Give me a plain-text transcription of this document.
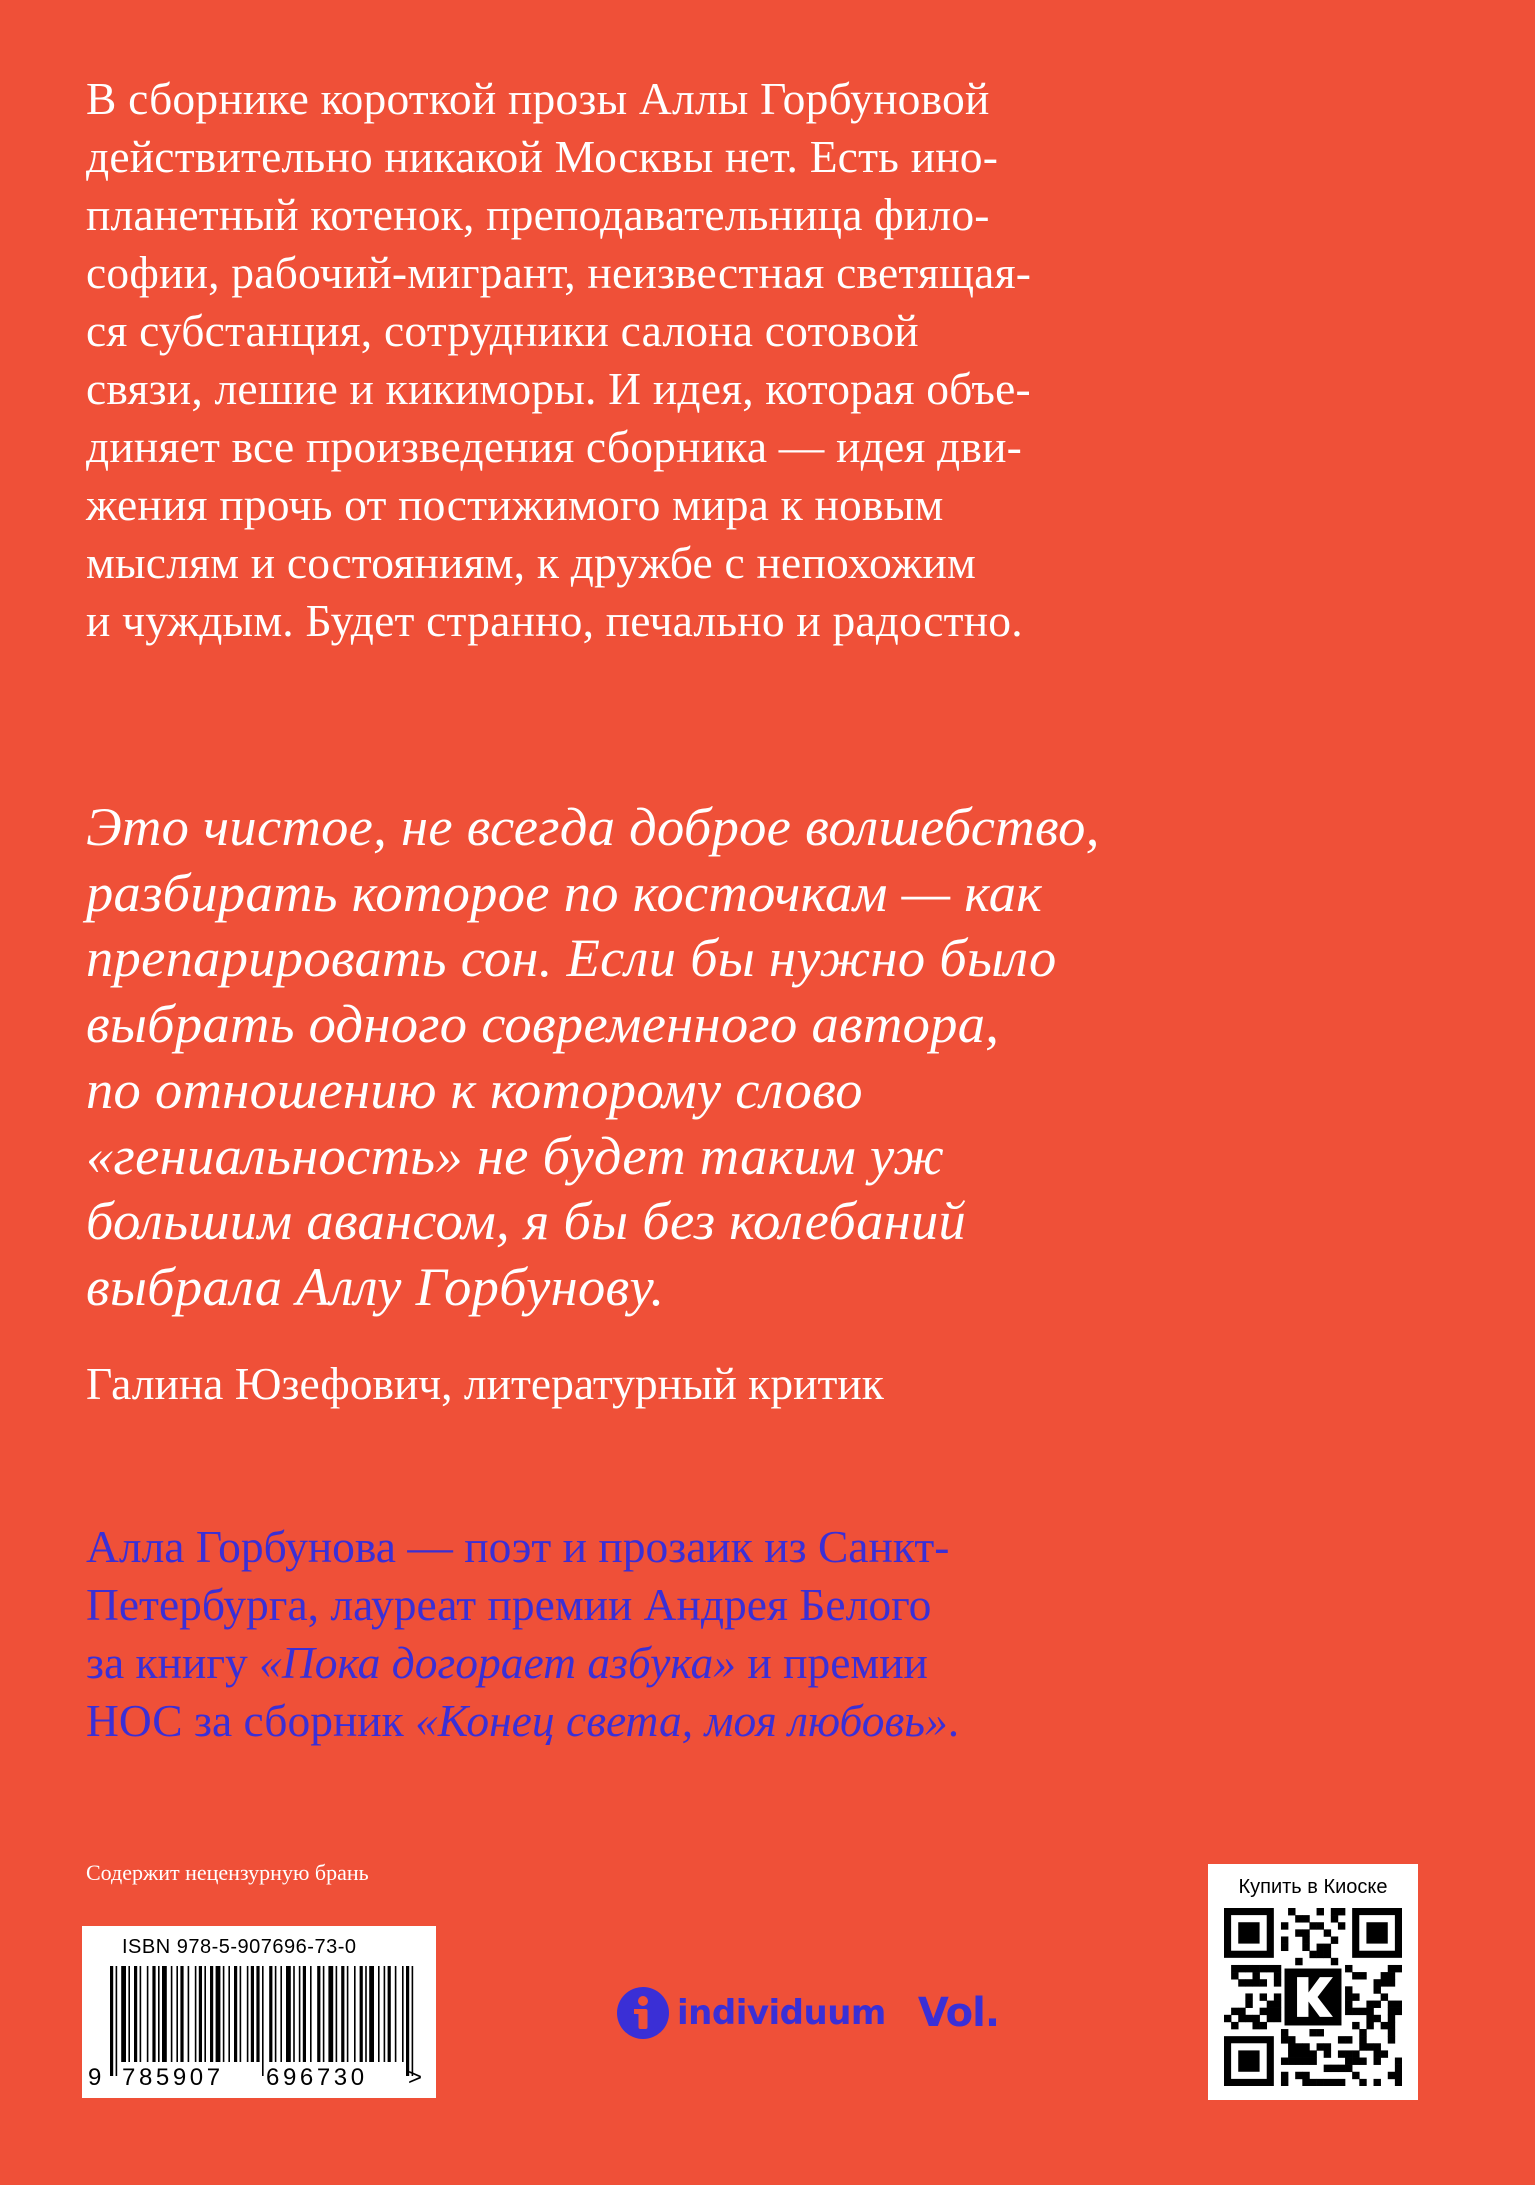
В сборнике короткой прозы Аллы Горбуновой
действительно никакой Москвы нет. Есть ино-
планетный котенок, преподавательница фило-
софии, рабочий-мигрант, неизвестная светящая-
ся субстанция, сотрудники салона сотовой
связи, лешие и кикиморы. И идея, которая объе-
диняет все произведения сборника — идея дви-
жения прочь от постижимого мира к новым
мыслям и состояниям, к дружбе с непохожим
и чуждым. Будет странно, печально и радостно.
Это чистое, не всегда доброе волшебство,
разбирать которое по косточкам — как
препарировать сон. Если бы нужно было
выбрать одного современного автора,
по отношению к которому слово
«гениальность» не будет таким уж
большим авансом, я бы без колебаний
выбрала Аллу Горбунову.
Галина Юзефович, литературный критик
Алла Горбунова — поэт и прозаик из Санкт-
Петербурга, лауреат премии Андрея Белого
за книгу «Пока догорает азбука» и премии
НОС за сборник «Конец света, моя любовь».
Содержит нецензурную брань
ISBN 978-5-907696-73-0
9 785907 696730 >
individuum Vol.
Купить в Киоске
